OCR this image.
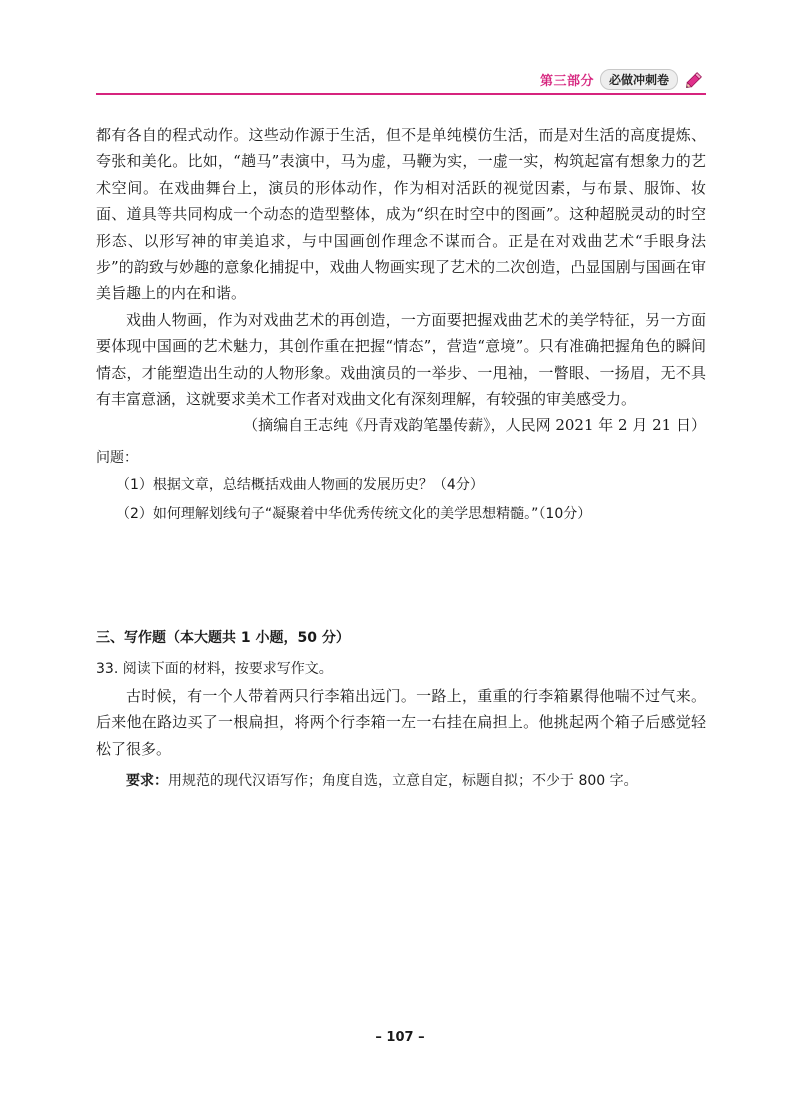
第三部分	必做冲刺卷

都有各自的程式动作。这些动作源于生活，但不是单纯模仿生活，而是对生活的高度提炼、夸张和美化。比如，“趟马”表演中，马为虚，马鞭为实，一虚一实，构筑起富有想象力的艺术空间。在戏曲舞台上，演员的形体动作，作为相对活跃的视觉因素，与布景、服饰、妆面、道具等共同构成一个动态的造型整体，成为“织在时空中的图画”。这种超脱灵动的时空形态、以形写神的审美追求，与中国画创作理念不谋而合。正是在对戏曲艺术“手眼身法步”的韵致与妙趣的意象化捕捉中，戏曲人物画实现了艺术的二次创造，凸显国剧与国画在审美旨趣上的内在和谐。

戏曲人物画，作为对戏曲艺术的再创造，一方面要把握戏曲艺术的美学特征，另一方面要体现中国画的艺术魅力，其创作重在把握“情态”，营造“意境”。只有准确把握角色的瞬间情态，才能塑造出生动的人物形象。戏曲演员的一举步、一甩袖，一瞥眼、一扬眉，无不具有丰富意涵，这就要求美术工作者对戏曲文化有深刻理解，有较强的审美感受力。

（摘编自王志纯《丹青戏韵笔墨传薪》，人民网 2021 年 2 月 21 日）

问题：

（1）根据文章，总结概括戏曲人物画的发展历史？（4分）

（2）如何理解划线句子“凝聚着中华优秀传统文化的美学思想精髓。”（10分）

三、写作题（本大题共 1 小题，50 分）

33. 阅读下面的材料，按要求写作文。

古时候，有一个人带着两只行李箱出远门。一路上，重重的行李箱累得他喘不过气来。后来他在路边买了一根扁担，将两个行李箱一左一右挂在扁担上。他挑起两个箱子后感觉轻松了很多。

要求：用规范的现代汉语写作；角度自选，立意自定，标题自拟；不少于 800 字。

– 107 –
